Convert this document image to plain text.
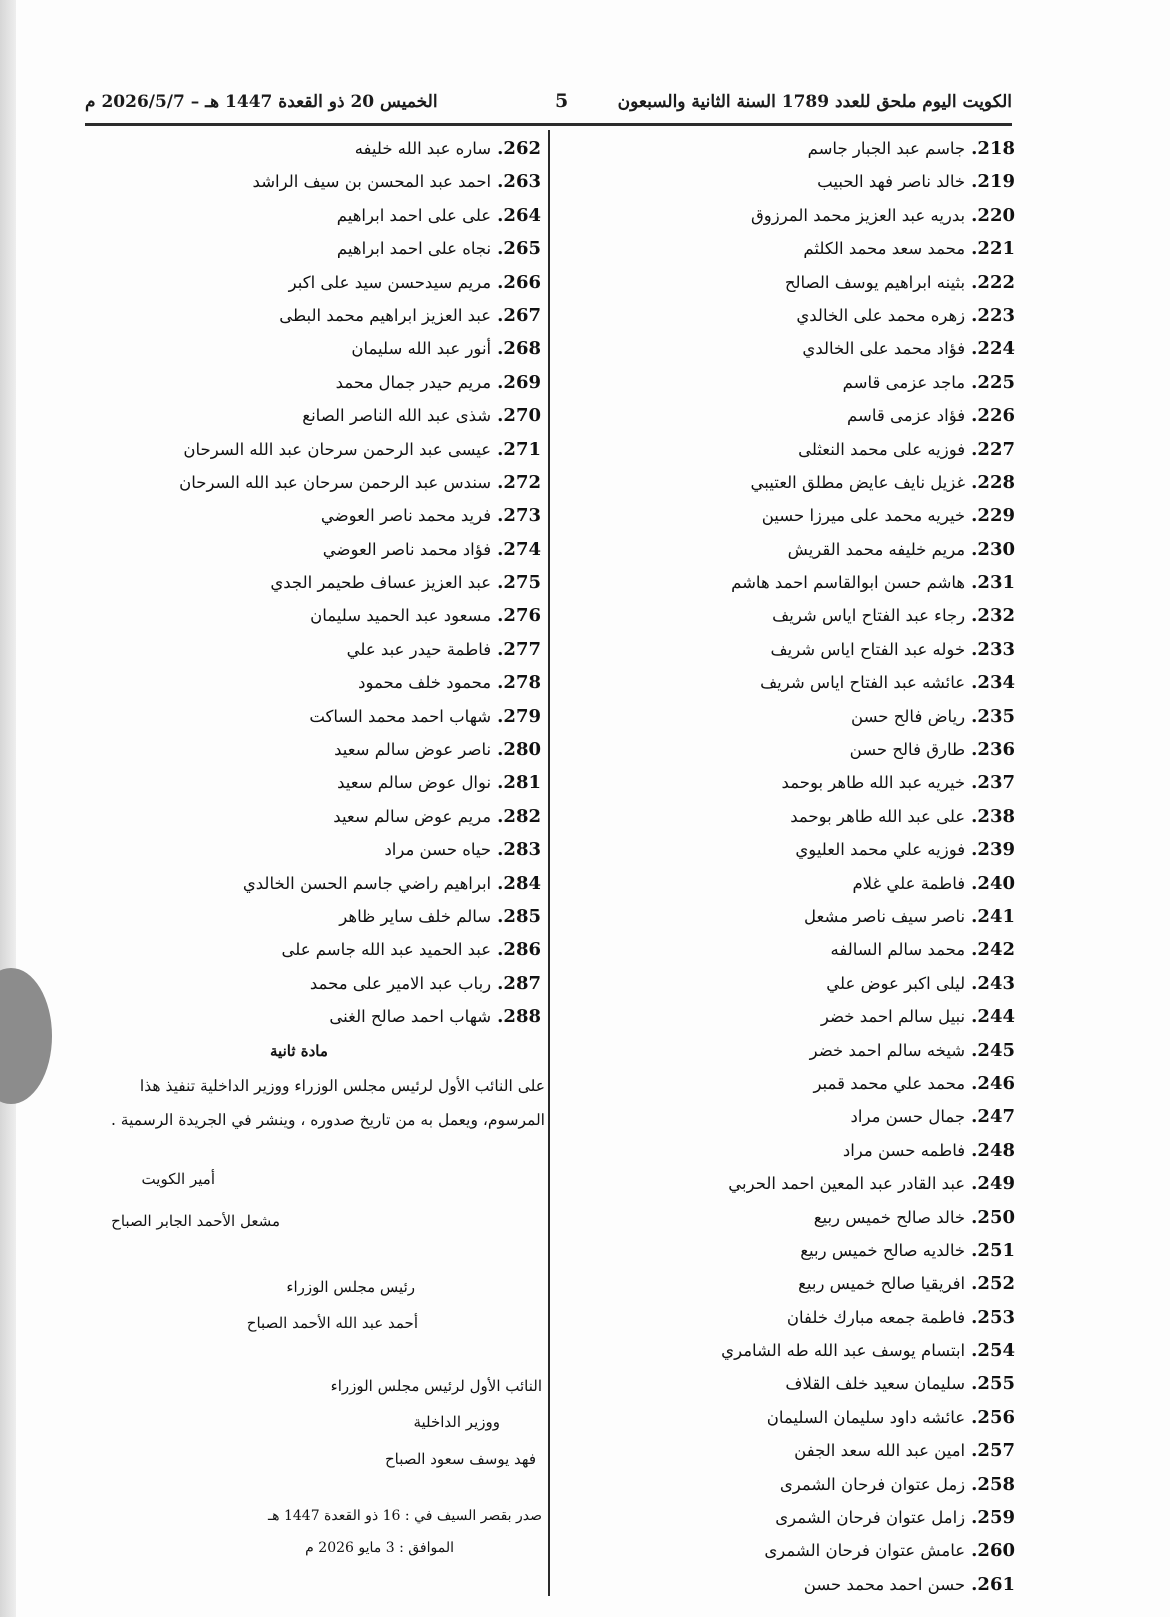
الكويت اليوم ملحق للعدد 1789 السنة الثانية والسبعون
5
الخميس 20 ذو القعدة 1447 هـ – 2026/5/7 م
218.جاسم عبد الجبار جاسم
219.خالد ناصر فهد الحبيب
220.بدريه عبد العزيز محمد المرزوق
221.محمد سعد محمد الكلثم
222.بثينه ابراهيم يوسف الصالح
223.زهره محمد على الخالدي
224.فؤاد محمد على الخالدي
225.ماجد عزمى قاسم
226.فؤاد عزمى قاسم
227.فوزيه على محمد النعثلى
228.غزيل نايف عايض مطلق العتيبي
229.خيريه محمد على ميرزا حسين
230.مريم خليفه محمد القريش
231.هاشم حسن ابوالقاسم احمد هاشم
232.رجاء عبد الفتاح اياس شريف
233.خوله عبد الفتاح اياس شريف
234.عائشه عبد الفتاح اياس شريف
235.رياض فالح حسن
236.طارق فالح حسن
237.خيريه عبد الله طاهر بوحمد
238.على عبد الله طاهر بوحمد
239.فوزيه علي محمد العليوي
240.فاطمة علي غلام
241.ناصر سيف ناصر مشعل
242.محمد سالم السالفه
243.ليلى اكبر عوض علي
244.نبيل سالم احمد خضر
245.شيخه سالم احمد خضر
246.محمد علي محمد قمبر
247.جمال حسن مراد
248.فاطمه حسن مراد
249.عبد القادر عبد المعين احمد الحربي
250.خالد صالح خميس ربيع
251.خالديه صالح خميس ربيع
252.افريقيا صالح خميس ربيع
253.فاطمة جمعه مبارك خلفان
254.ابتسام يوسف عبد الله طه الشامري
255.سليمان سعيد خلف القلاف
256.عائشه داود سليمان السليمان
257.امين عبد الله سعد الجفن
258.زمل عتوان فرحان الشمرى
259.زامل عتوان فرحان الشمرى
260.عامش عتوان فرحان الشمرى
261.حسن احمد محمد حسن
262.ساره عبد الله خليفه
263.احمد عبد المحسن بن سيف الراشد
264.على على احمد ابراهيم
265.نجاه على احمد ابراهيم
266.مريم سيدحسن سيد على اكبر
267.عبد العزيز ابراهيم محمد البطى
268.أنور عبد الله سليمان
269.مريم حيدر جمال محمد
270.شذى عبد الله الناصر الصانع
271.عيسى عبد الرحمن سرحان عبد الله السرحان
272.سندس عبد الرحمن سرحان عبد الله السرحان
273.فريد محمد ناصر العوضي
274.فؤاد محمد ناصر العوضي
275.عبد العزيز عساف طحيمر الجدي
276.مسعود عبد الحميد سليمان
277.فاطمة حيدر عبد علي
278.محمود خلف محمود
279.شهاب احمد محمد الساكت
280.ناصر عوض سالم سعيد
281.نوال عوض سالم سعيد
282.مريم عوض سالم سعيد
283.حياه حسن مراد
284.ابراهيم راضي جاسم الحسن الخالدي
285.سالم خلف ساير ظاهر
286.عبد الحميد عبد الله جاسم على
287.رباب عبد الامير على محمد
288.شهاب احمد صالح الغنى
مادة ثانية
على النائب الأول لرئيس مجلس الوزراء ووزير الداخلية تنفيذ هذا
المرسوم، ويعمل به من تاريخ صدوره ، وينشر في الجريدة الرسمية .
أمير الكويت
مشعل الأحمد الجابر الصباح
رئيس مجلس الوزراء
أحمد عبد الله الأحمد الصباح
النائب الأول لرئيس مجلس الوزراء
ووزير الداخلية
فهد يوسف سعود الصباح
صدر بقصر السيف في : 16 ذو القعدة 1447 هـ
الموافق : 3 مايو 2026 م
